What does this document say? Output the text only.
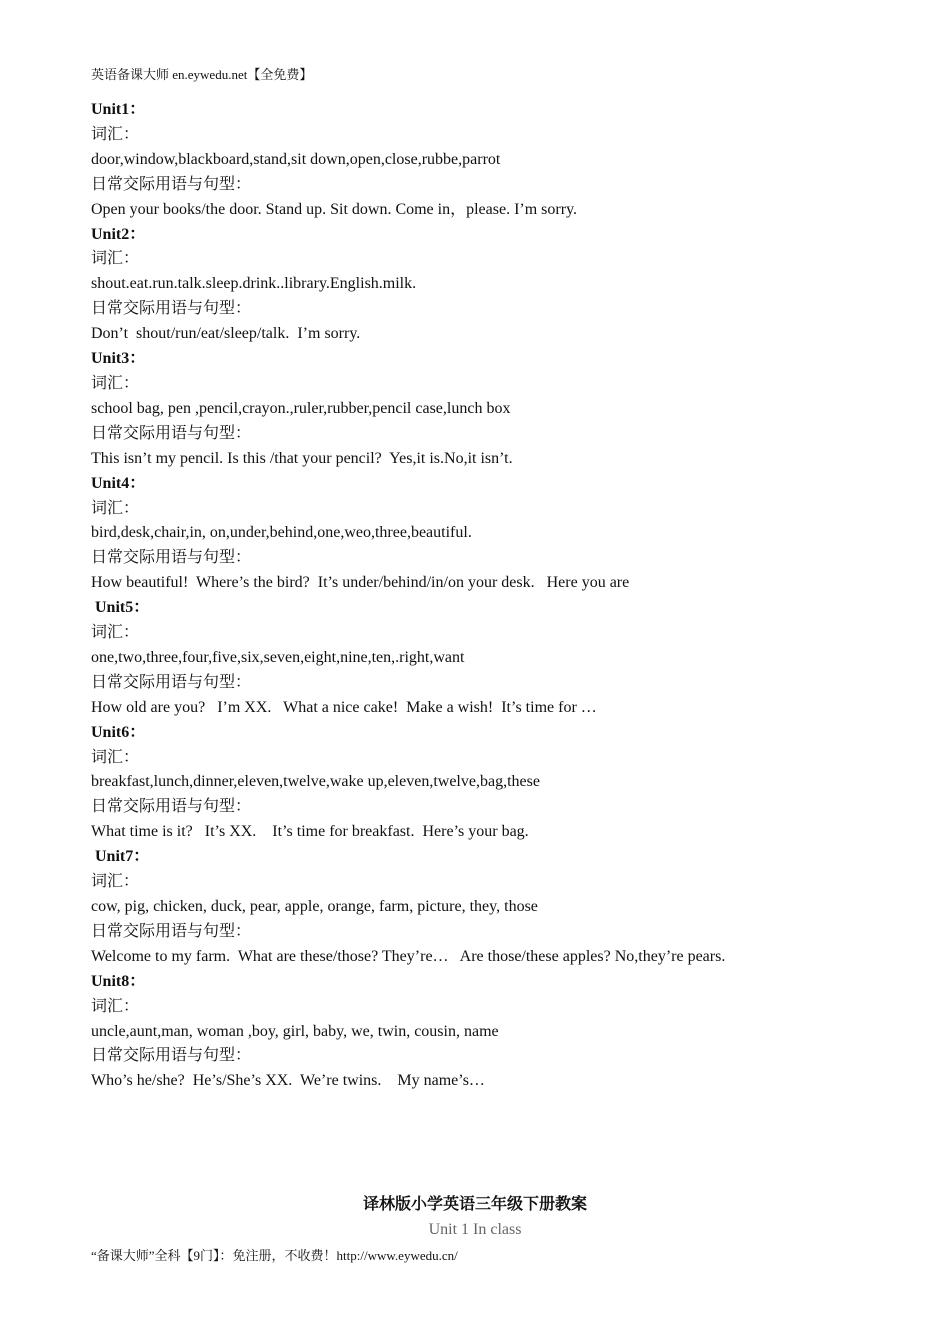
英语备课大师 en.eywedu.net【全免费】
Unit1：
词汇：
door,window,blackboard,stand,sit down,open,close,rubbe,parrot
日常交际用语与句型：
Open your books/the door. Stand up. Sit down. Come in，please. I’m sorry.
Unit2：
词汇：
shout.eat.run.talk.sleep.drink..library.English.milk.
日常交际用语与句型：
Don’t  shout/run/eat/sleep/talk.  I’m sorry.
Unit3：
词汇：
school bag, pen ,pencil,crayon.,ruler,rubber,pencil case,lunch box
日常交际用语与句型：
This isn’t my pencil. Is this /that your pencil?  Yes,it is.No,it isn’t.
Unit4：
词汇：
bird,desk,chair,in, on,under,behind,one,weo,three,beautiful.
日常交际用语与句型：
How beautiful!  Where’s the bird?  It’s under/behind/in/on your desk.   Here you are
Unit5：
词汇：
one,two,three,four,five,six,seven,eight,nine,ten,.right,want
日常交际用语与句型：
How old are you?   I’m XX.   What a nice cake!  Make a wish!  It’s time for …
Unit6：
词汇：
breakfast,lunch,dinner,eleven,twelve,wake up,eleven,twelve,bag,these
日常交际用语与句型：
What time is it?   It’s XX.    It’s time for breakfast.  Here’s your bag.
Unit7：
词汇：
cow, pig, chicken, duck, pear, apple, orange, farm, picture, they, those
日常交际用语与句型：
Welcome to my farm.  What are these/those? They’re…   Are those/these apples? No,they’re pears.
Unit8：
词汇：
uncle,aunt,man, woman ,boy, girl, baby, we, twin, cousin, name
日常交际用语与句型：
Who’s he/she?  He’s/She’s XX.  We’re twins.    My name’s…
译林版小学英语三年级下册教案
Unit 1 In class
“备课大师”全科【9门】：免注册，不收费！http://www.eywedu.cn/
